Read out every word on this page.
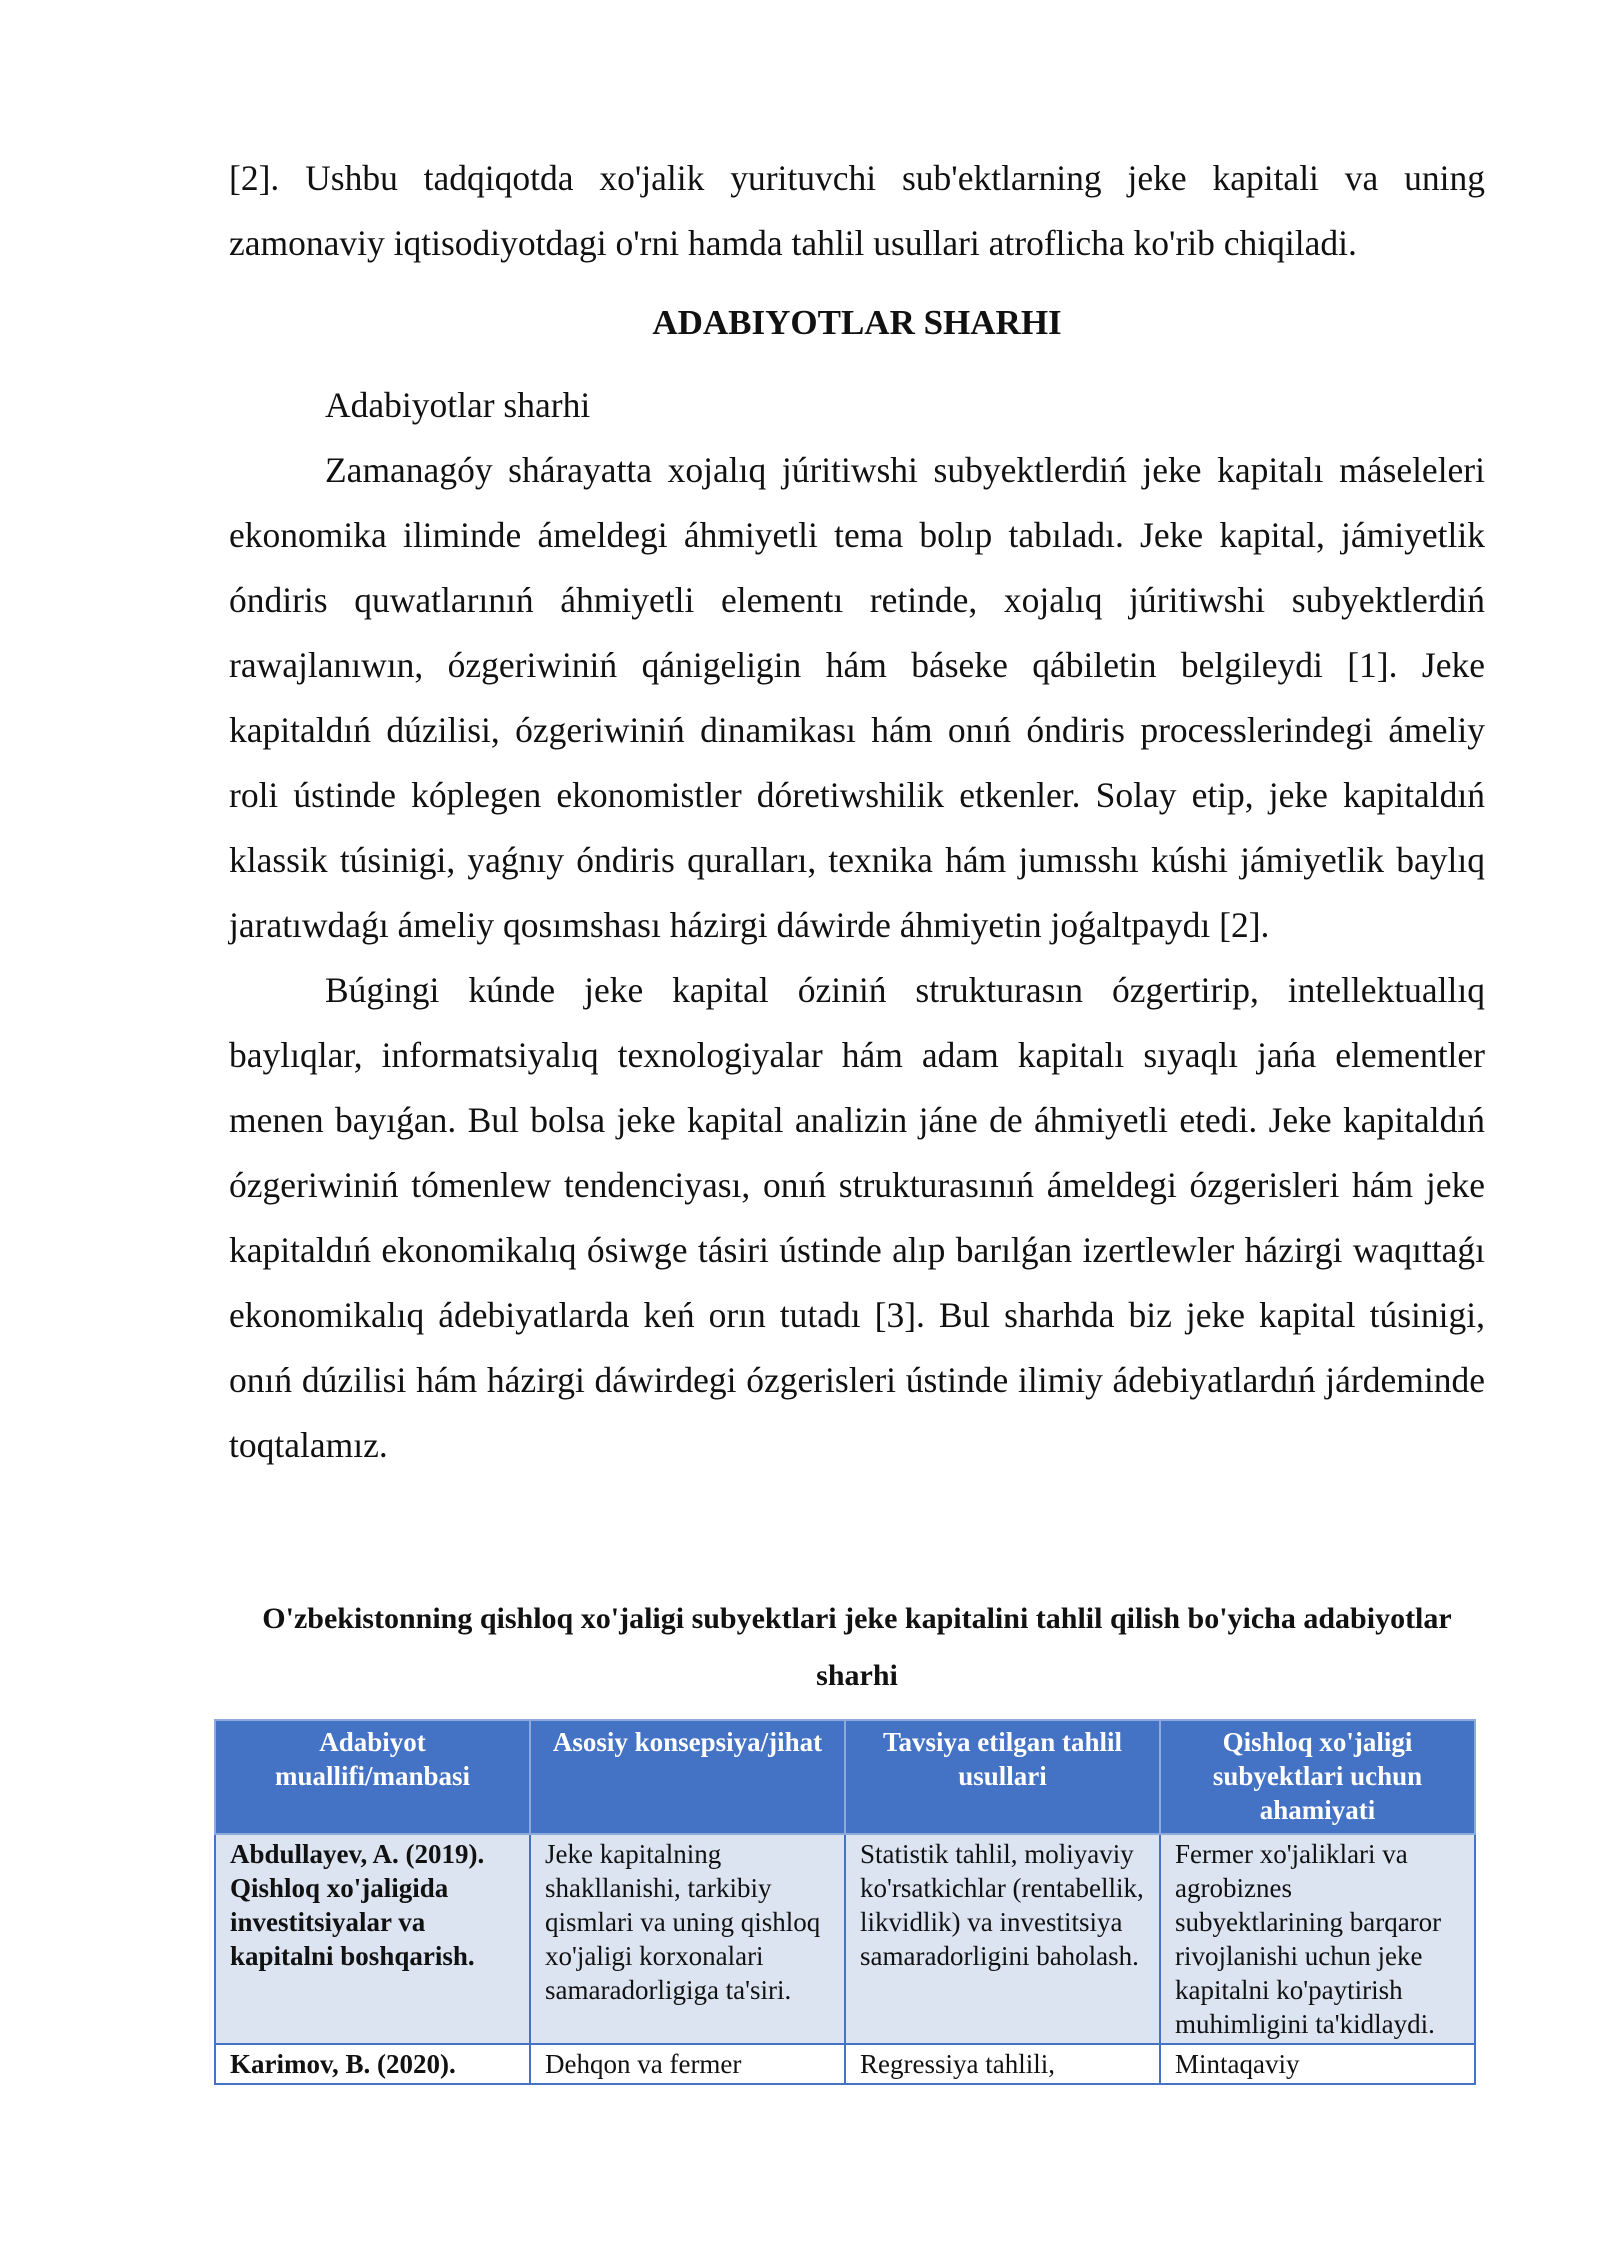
[2]. Ushbu tadqiqotda xo'jalik yurituvchi sub'ektlarning jeke kapitali va uning zamonaviy iqtisodiyotdagi o'rni hamda tahlil usullari atroflicha ko'rib chiqiladi.

ADABIYOTLAR SHARHI

Adabiyotlar sharhi

Zamanagóy shárayatta xojalıq júritiwshi subyektlerdiń jeke kapitalı máseleleri ekonomika iliminde ámeldegi áhmiyetli tema bolıp tabıladı. Jeke kapital, jámiyetlik óndiris quwatlarınıń áhmiyetli elementı retinde, xojalıq júritiwshi subyektlerdiń rawajlanıwın, ózgeriwiniń qánigeligin hám báseke qábiletin belgileydi [1]. Jeke kapitaldıń dúzilisi, ózgeriwiniń dinamikası hám onıń óndiris processlerindegi ámeliy roli ústinde kóplegen ekonomistler dóretiwshilik etkenler. Solay etip, jeke kapitaldıń klassik túsinigi, yaǵnıy óndiris quralları, texnika hám jumısshı kúshi jámiyetlik baylıq jaratıwdaǵı ámeliy qosımshası házirgi dáwirde áhmiyetin joǵaltpaydı [2].

Búgingi kúnde jeke kapital óziniń strukturasın ózgertirip, intellektuallıq baylıqlar, informatsiyalıq texnologiyalar hám adam kapitalı sıyaqlı jańa elementler menen bayıǵan. Bul bolsa jeke kapital analizin jáne de áhmiyetli etedi. Jeke kapitaldıń ózgeriwiniń tómenlew tendenciyası, onıń strukturasınıń ámeldegi ózgerisleri hám jeke kapitaldıń ekonomikalıq ósiwge tásiri ústinde alıp barılǵan izertlewler házirgi waqıttaǵı ekonomikalıq ádebiyatlarda keń orın tutadı [3]. Bul sharhda biz jeke kapital túsinigi, onıń dúzilisi hám házirgi dáwirdegi ózgerisleri ústinde ilimiy ádebiyatlardıń járdeminde toqtalamız.

O'zbekistonning qishloq xo'jaligi subyektlari jeke kapitalini tahlil qilish bo'yicha adabiyotlar sharhi
Adabiyot muallifi/manbasi	Asosiy konsepsiya/jihat	Tavsiya etilgan tahlil usullari	Qishloq xo'jaligi subyektlari uchun ahamiyati
Abdullayev, A. (2019). Qishloq xo'jaligida investitsiyalar va kapitalni boshqarish.	Jeke kapitalning shakllanishi, tarkibiy qismlari va uning qishloq xo'jaligi korxonalari samaradorligiga ta'siri.	Statistik tahlil, moliyaviy ko'rsatkichlar (rentabellik, likvidlik) va investitsiya samaradorligini baholash.	Fermer xo'jaliklari va agrobiznes subyektlarining barqaror rivojlanishi uchun jeke kapitalni ko'paytirish muhimligini ta'kidlaydi.
Karimov, B. (2020).	Dehqon va fermer	Regressiya tahlili,	Mintaqaviy
